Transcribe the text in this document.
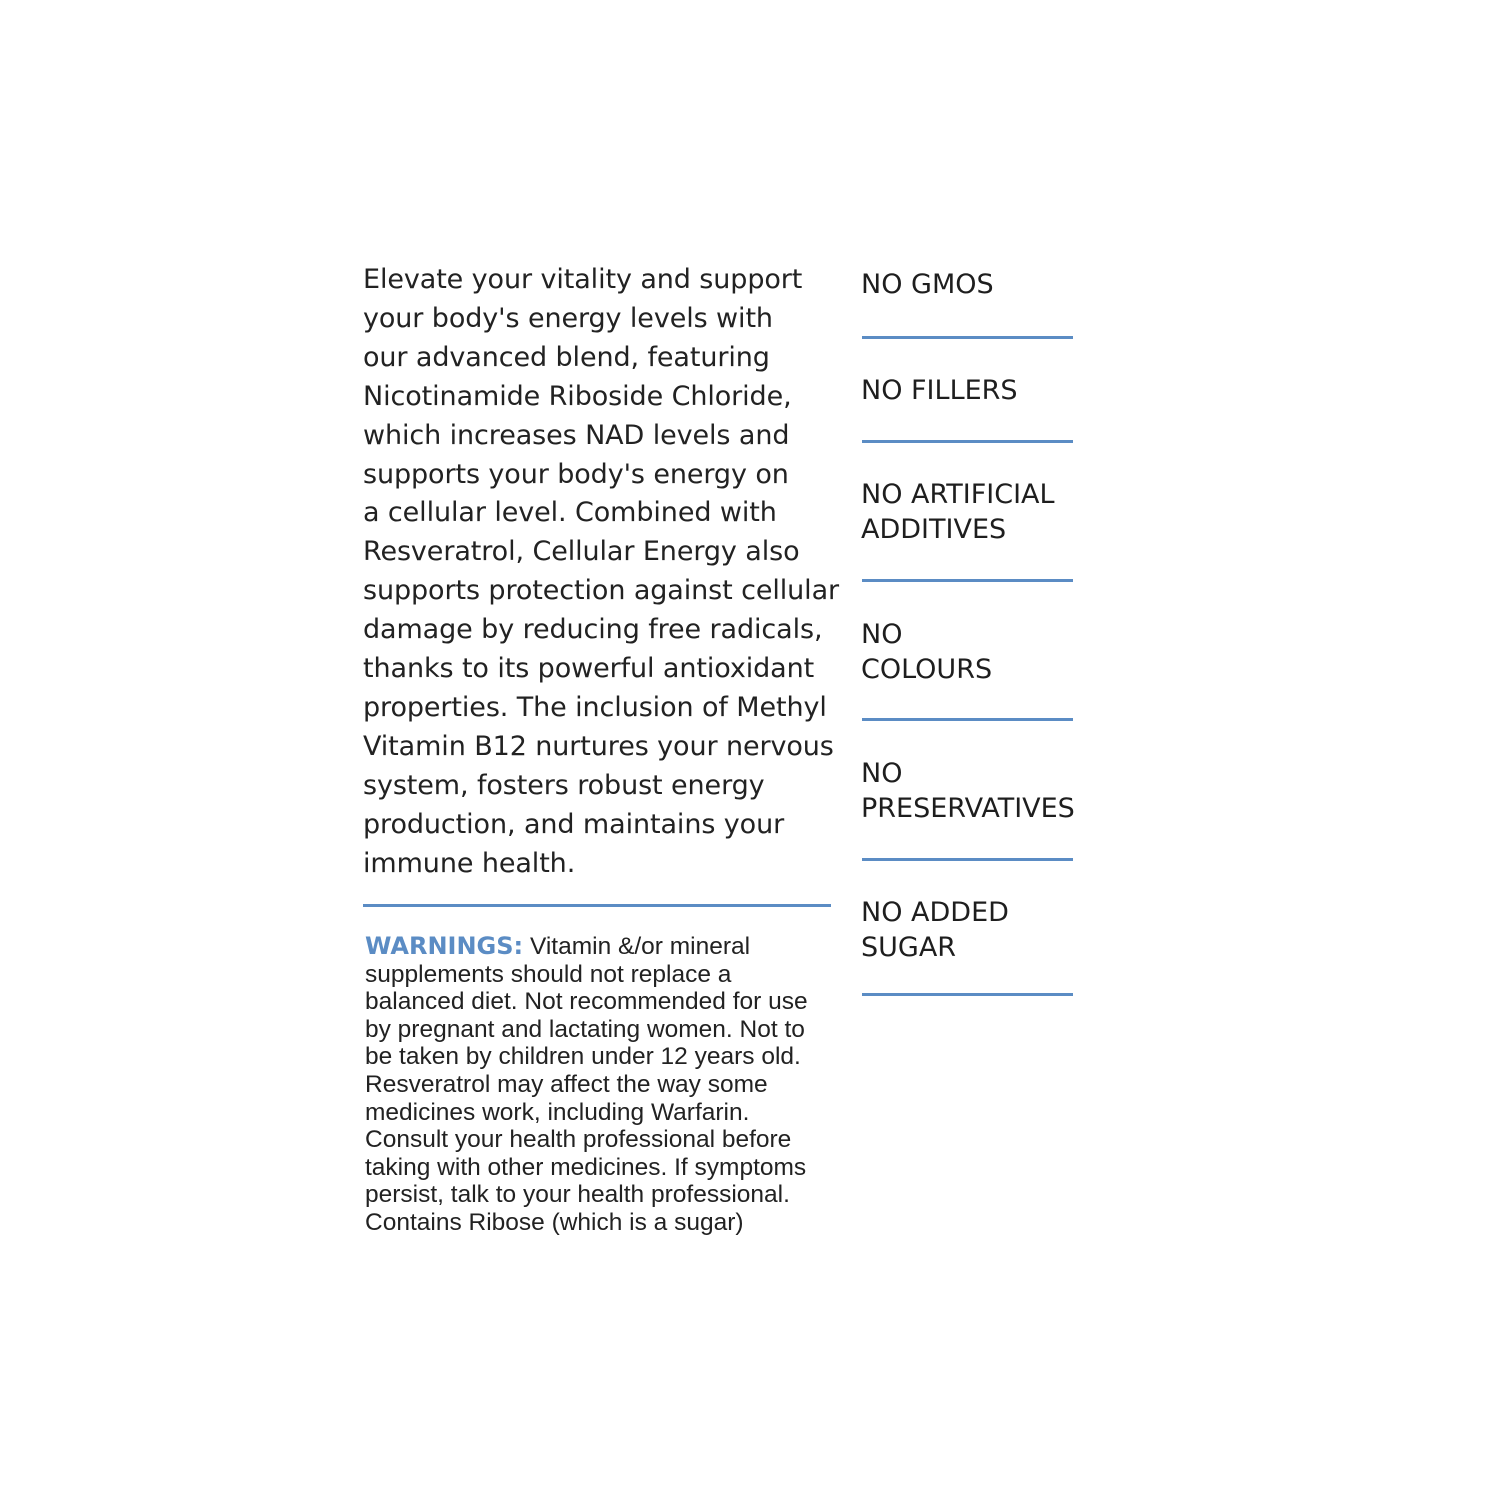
Elevate your vitality and support
your body's energy levels with
our advanced blend, featuring
Nicotinamide Riboside Chloride,
which increases NAD levels and
supports your body's energy on
a cellular level. Combined with
Resveratrol, Cellular Energy also
supports protection against cellular
damage by reducing free radicals,
thanks to its powerful antioxidant
properties. The inclusion of Methyl
Vitamin B12 nurtures your nervous
system, fosters robust energy
production, and maintains your
immune health.

WARNINGS: Vitamin &/or mineral
supplements should not replace a
balanced diet. Not recommended for use
by pregnant and lactating women. Not to
be taken by children under 12 years old.
Resveratrol may affect the way some
medicines work, including Warfarin.
Consult your health professional before
taking with other medicines. If symptoms
persist, talk to your health professional.
Contains Ribose (which is a sugar)

NO GMOS

NO FILLERS

NO ARTIFICIAL
ADDITIVES

NO
COLOURS

NO
PRESERVATIVES

NO ADDED
SUGAR
